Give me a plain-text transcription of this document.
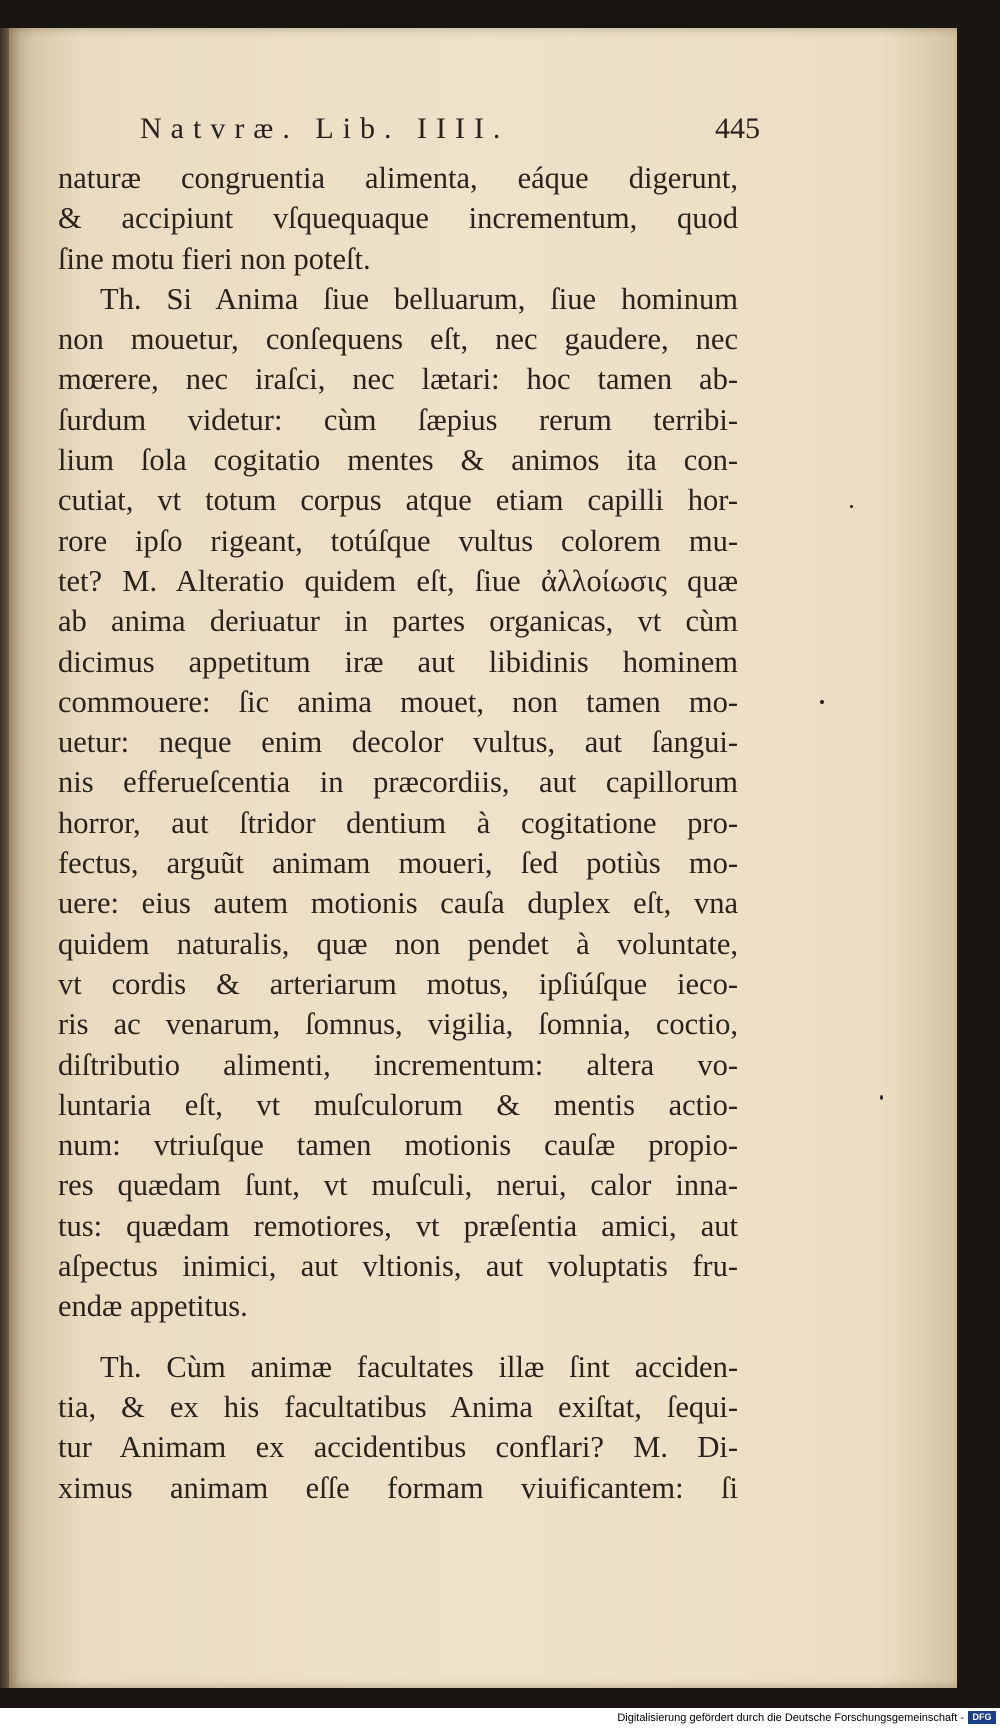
Natvræ. Lib. IIII.	445
naturæ congruentia alimenta, eáque digerunt,
& accipiunt vſquequaque incrementum, quod
ſine motu fieri non poteſt.
Th. Si Anima ſiue belluarum, ſiue hominum
non mouetur, conſequens eſt, nec gaudere, nec
mœrere, nec iraſci, nec lætari: hoc tamen ab-
ſurdum videtur: cùm ſæpius rerum terribi-
lium ſola cogitatio mentes & animos ita con-
cutiat, vt totum corpus atque etiam capilli hor-
rore ipſo rigeant, totúſque vultus colorem mu-
tet? M. Alteratio quidem eſt, ſiue ἀλλοίωσις quæ
ab anima deriuatur in partes organicas, vt cùm
dicimus appetitum iræ aut libidinis hominem
commouere: ſic anima mouet, non tamen mo-
uetur: neque enim decolor vultus, aut ſangui-
nis efferueſcentia in præcordiis, aut capillorum
horror, aut ſtridor dentium à cogitatione pro-
fectus, arguũt animam moueri, ſed potiùs mo-
uere: eius autem motionis cauſa duplex eſt, vna
quidem naturalis, quæ non pendet à voluntate,
vt cordis & arteriarum motus, ipſiúſque ieco-
ris ac venarum, ſomnus, vigilia, ſomnia, coctio,
diſtributio alimenti, incrementum: altera vo-
luntaria eſt, vt muſculorum & mentis actio-
num: vtriuſque tamen motionis cauſæ propio-
res quædam ſunt, vt muſculi, nerui, calor inna-
tus: quædam remotiores, vt præſentia amici, aut
aſpectus inimici, aut vltionis, aut voluptatis fru-
endæ appetitus.
Th. Cùm animæ facultates illæ ſint acciden-
tia, & ex his facultatibus Anima exiſtat, ſequi-
tur Animam ex accidentibus conflari? M. Di-
ximus animam eſſe formam viuificantem: ſi
Digitalisierung gefördert durch die Deutsche Forschungsgemeinschaft - DFG
